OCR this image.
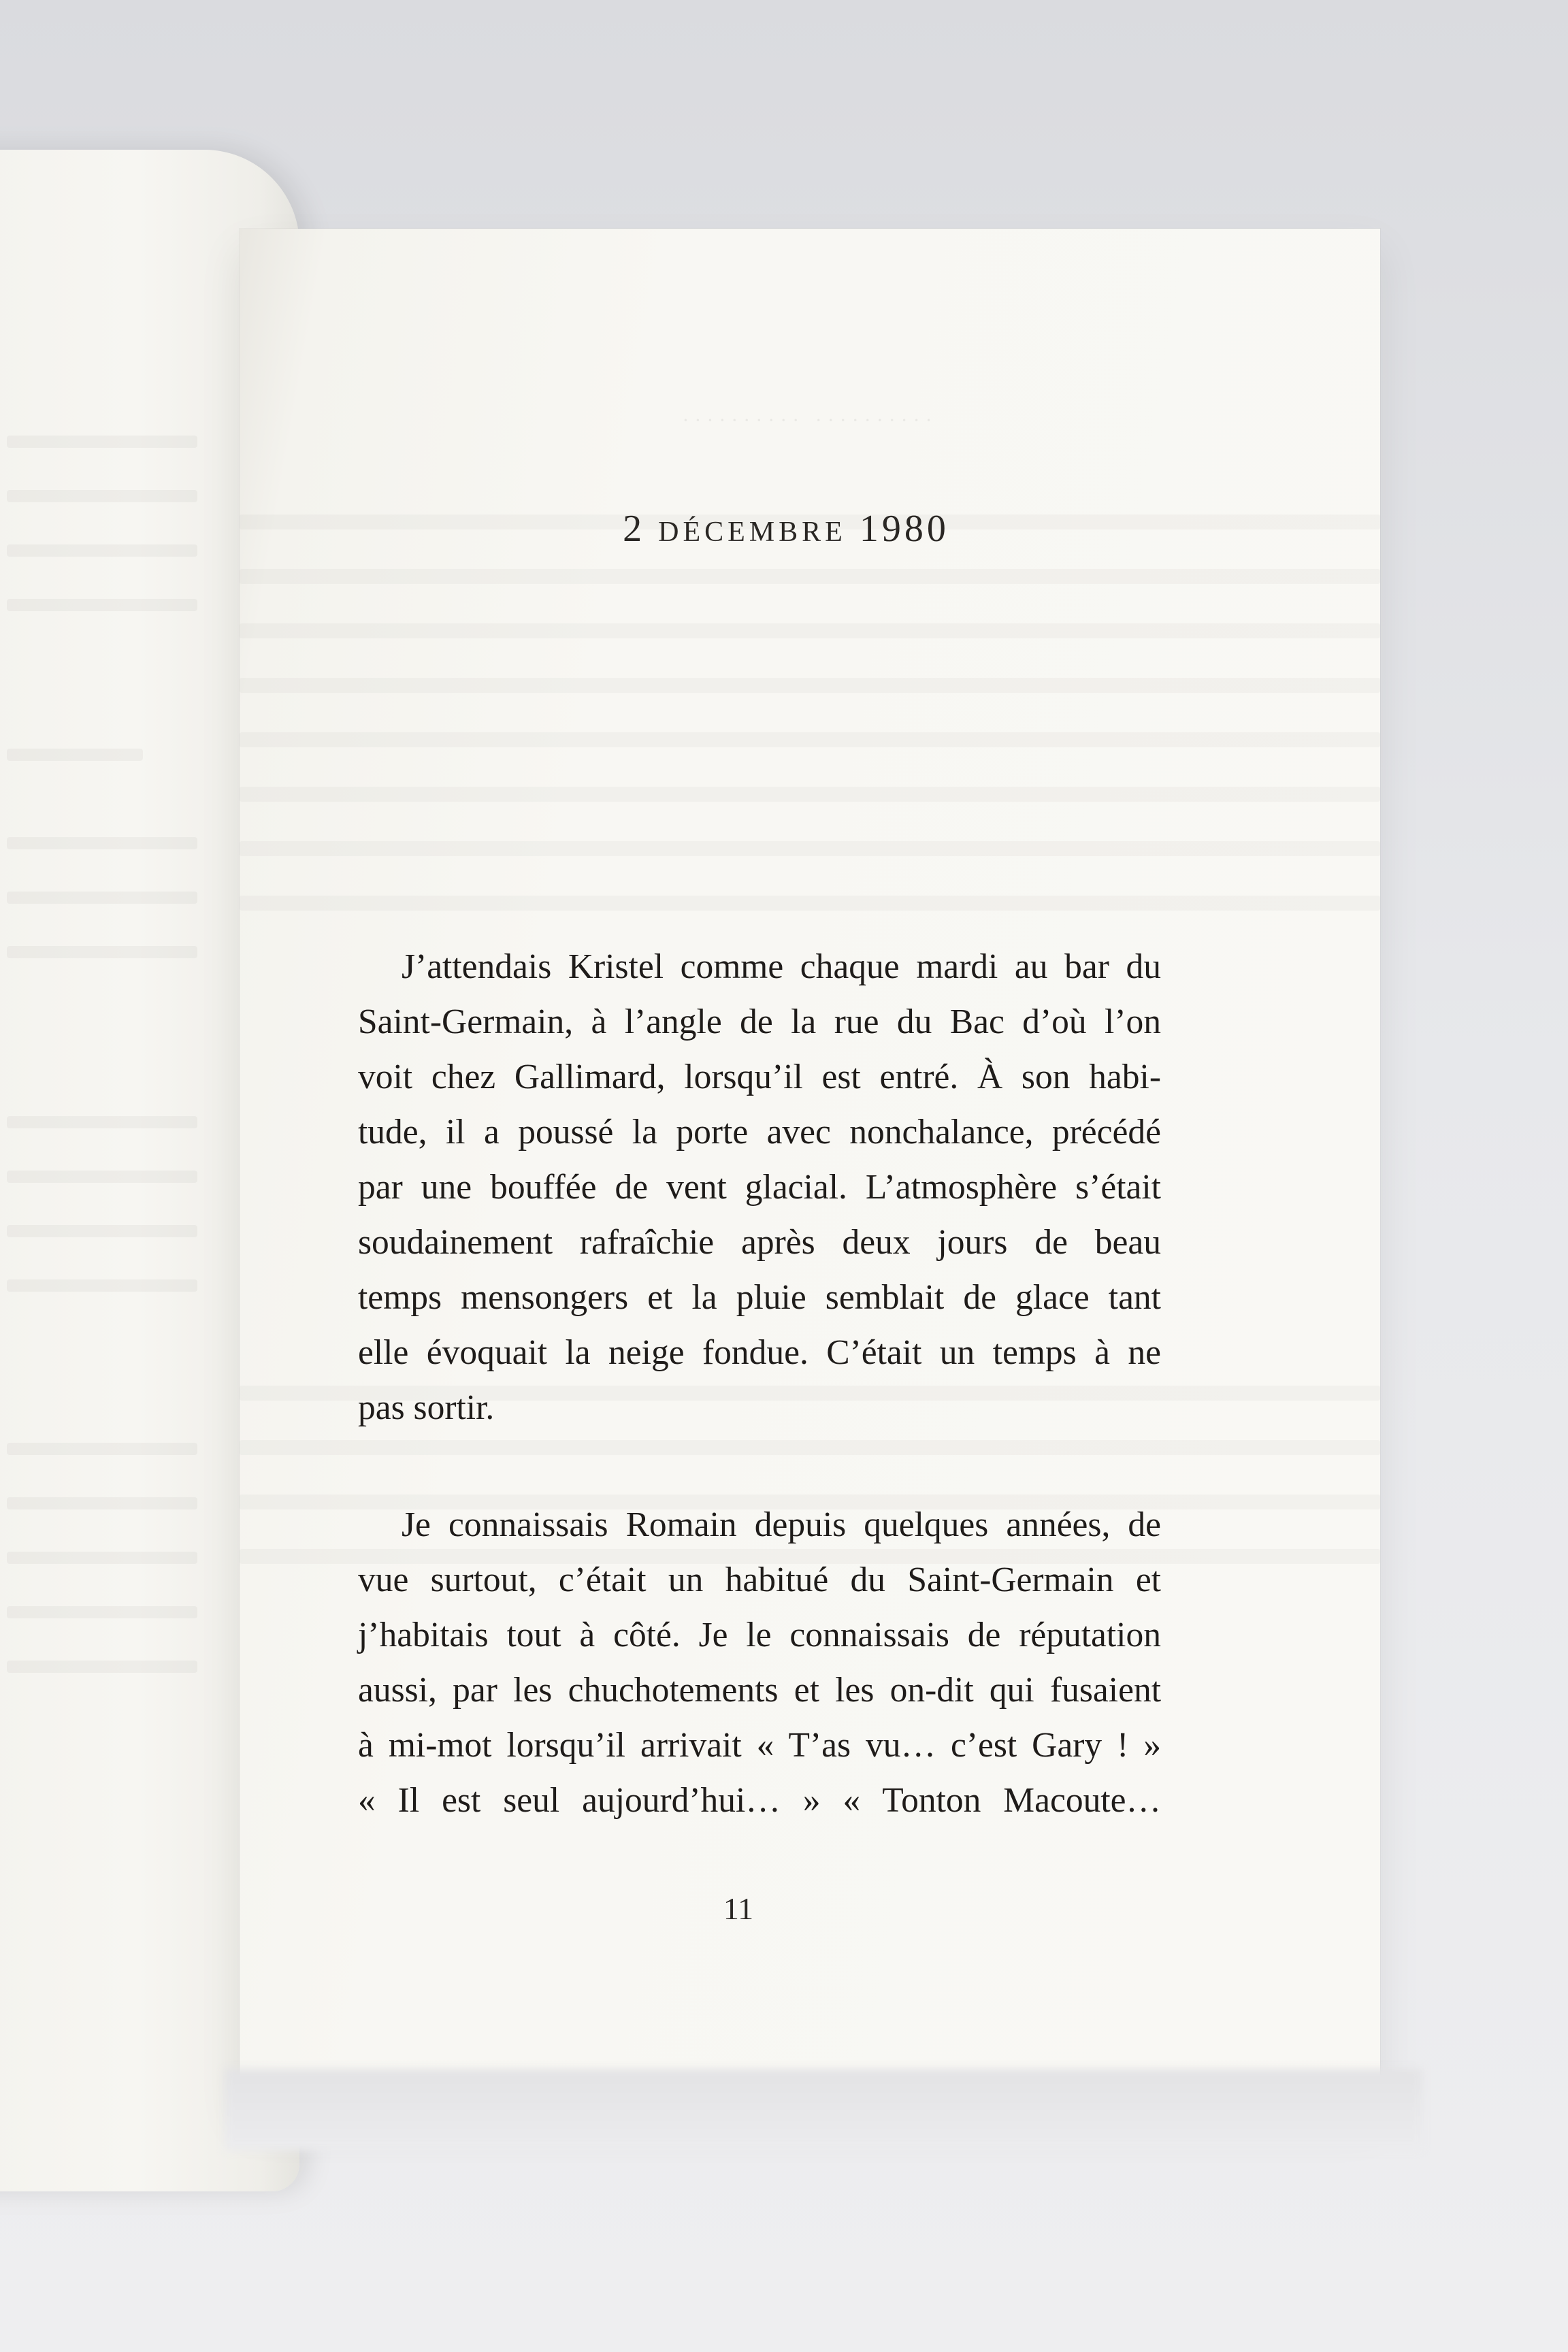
·········· ··········
2 DÉCEMBRE 1980
J’attendais Kristel comme chaque mardi au bar du
Saint-Germain, à l’angle de la rue du Bac d’où l’on
voit chez Gallimard, lorsqu’il est entré. À son habi-
tude, il a poussé la porte avec nonchalance, précédé
par une bouffée de vent glacial. L’atmosphère s’était
soudainement rafraîchie après deux jours de beau
temps mensongers et la pluie semblait de glace tant
elle évoquait la neige fondue. C’était un temps à ne
pas sortir.
Je connaissais Romain depuis quelques années, de
vue surtout, c’était un habitué du Saint-Germain et
j’habitais tout à côté. Je le connaissais de réputation
aussi, par les chuchotements et les on-dit qui fusaient
à mi-mot lorsqu’il arrivait « T’as vu… c’est Gary ! »
« Il est seul aujourd’hui… » « Tonton Macoute…
11
